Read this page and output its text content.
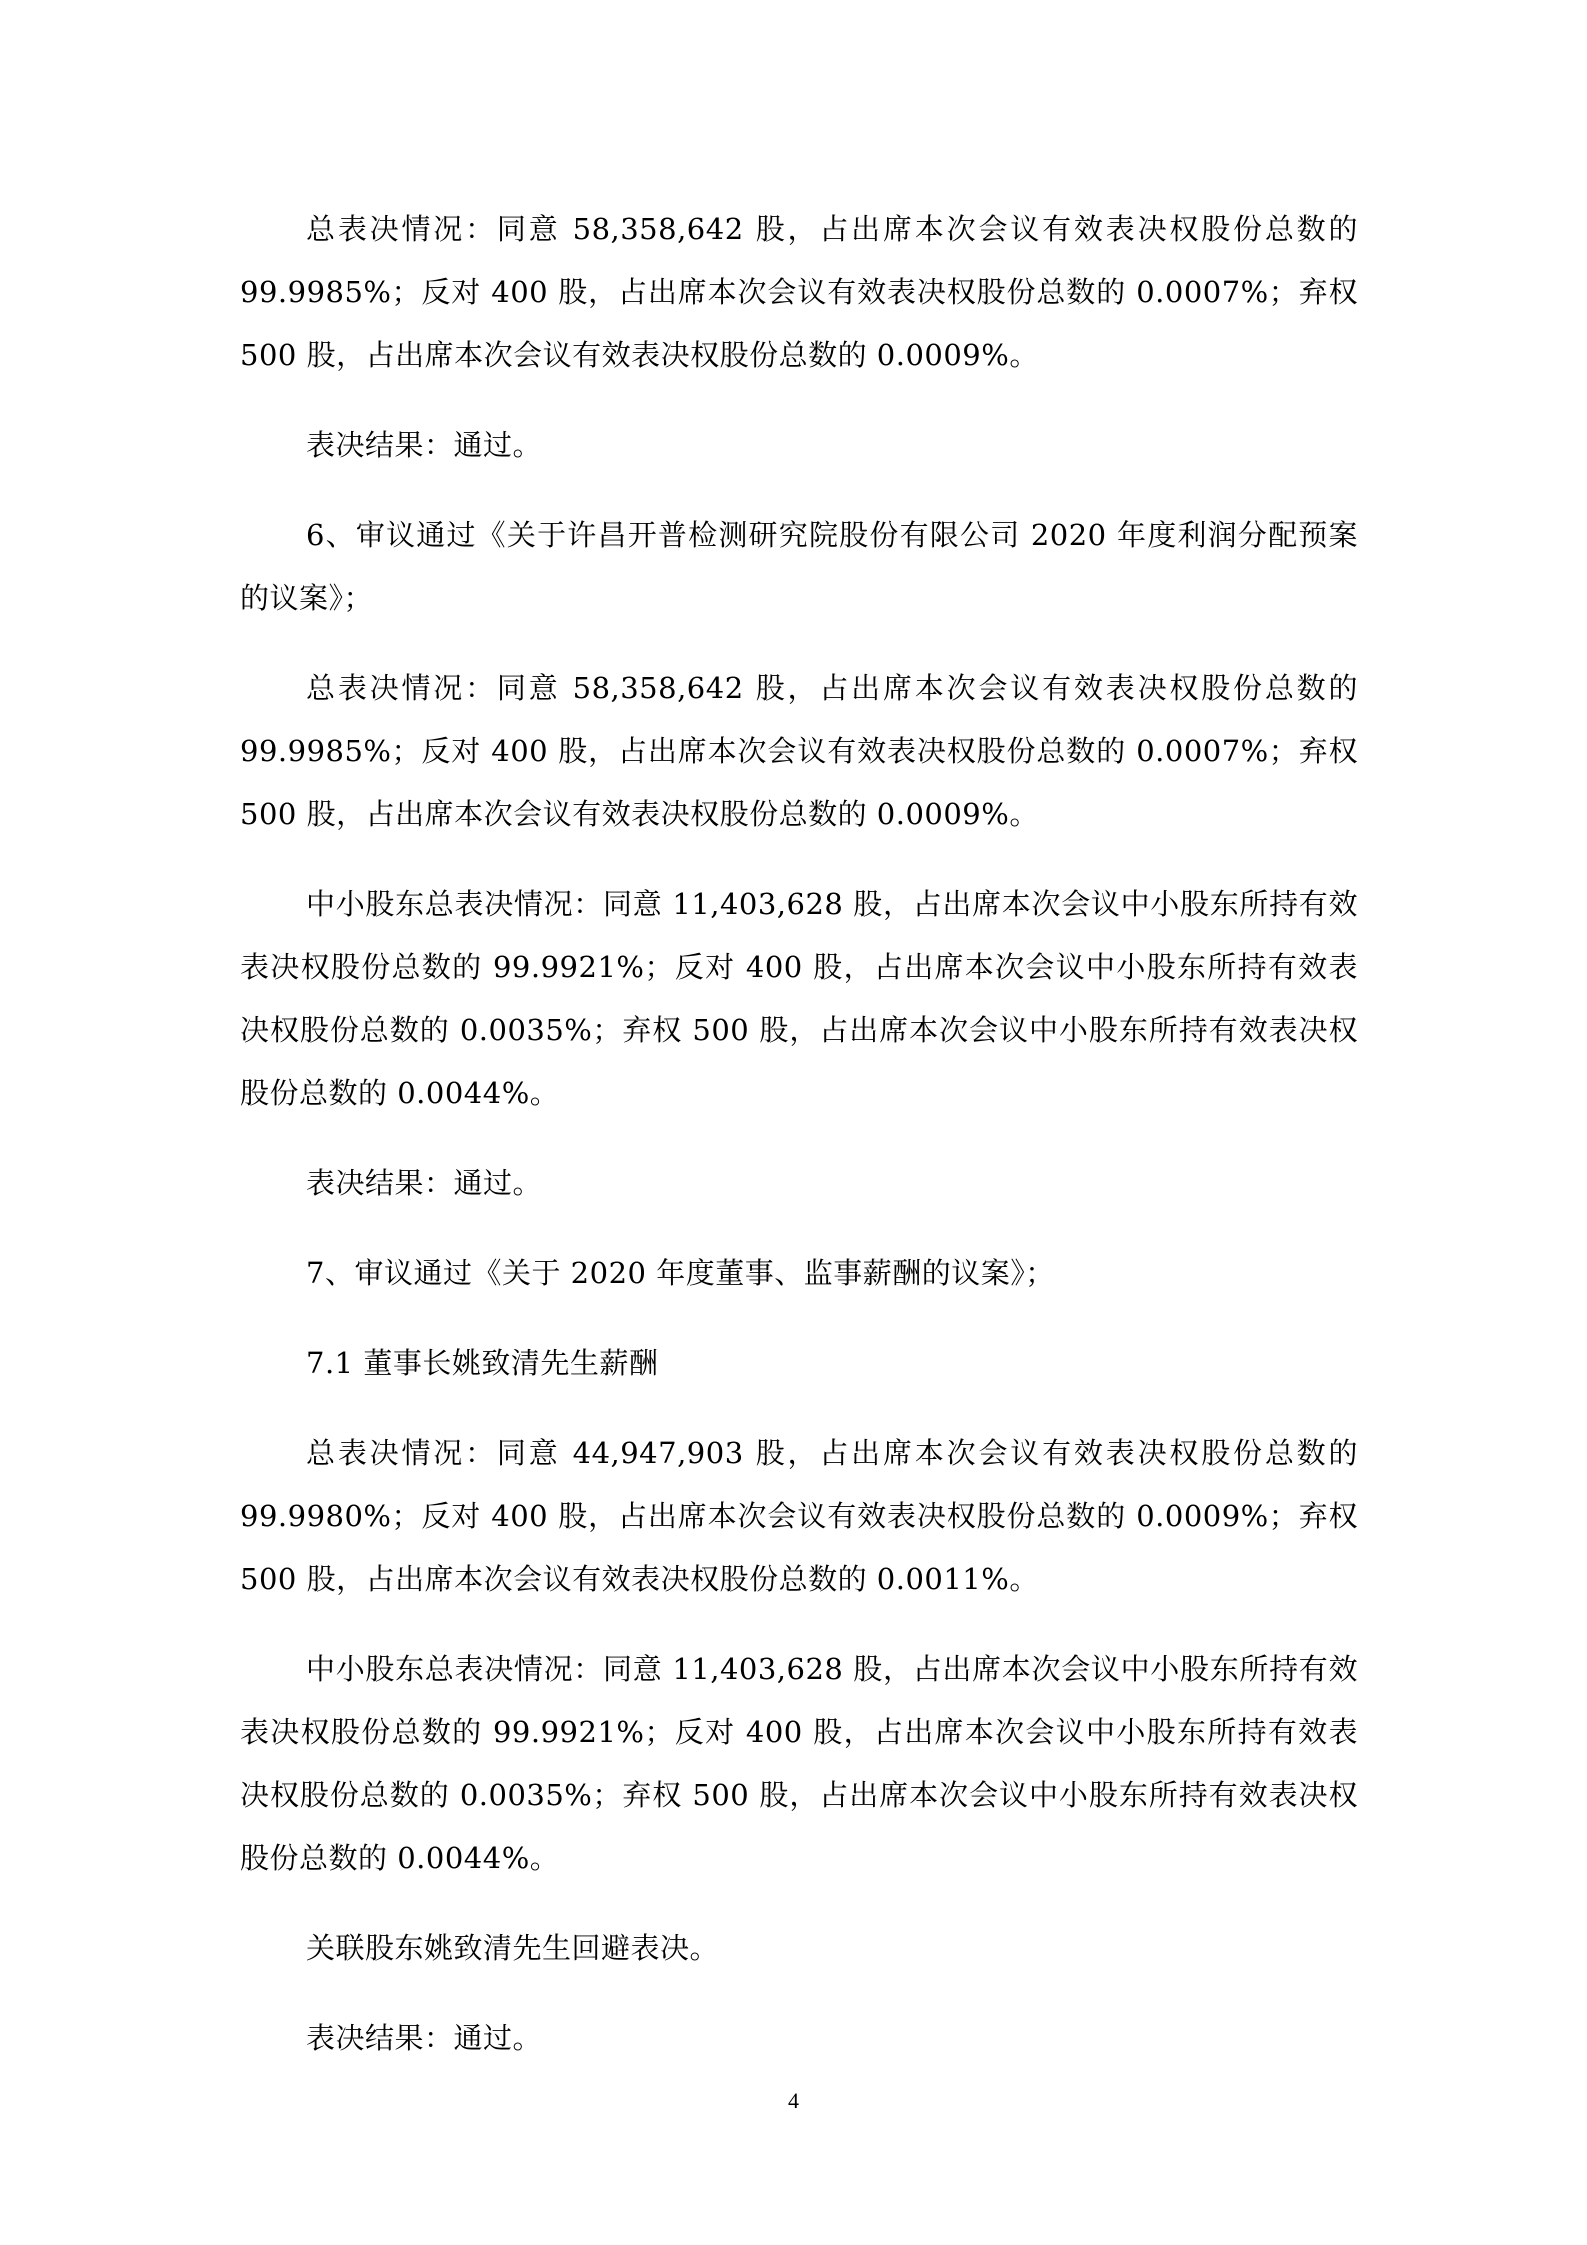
总表决情况：同意 58,358,642 股，占出席本次会议有效表决权股份总数的 99.9985%；反对 400 股，占出席本次会议有效表决权股份总数的 0.0007%；弃权 500 股，占出席本次会议有效表决权股份总数的 0.0009%。

表决结果：通过。

6、审议通过《关于许昌开普检测研究院股份有限公司 2020 年度利润分配预案的议案》；

总表决情况：同意 58,358,642 股，占出席本次会议有效表决权股份总数的 99.9985%；反对 400 股，占出席本次会议有效表决权股份总数的 0.0007%；弃权 500 股，占出席本次会议有效表决权股份总数的 0.0009%。

中小股东总表决情况：同意 11,403,628 股，占出席本次会议中小股东所持有效表决权股份总数的 99.9921%；反对 400 股，占出席本次会议中小股东所持有效表决权股份总数的 0.0035%；弃权 500 股，占出席本次会议中小股东所持有效表决权股份总数的 0.0044%。

表决结果：通过。

7、审议通过《关于 2020 年度董事、监事薪酬的议案》；

7.1 董事长姚致清先生薪酬

总表决情况：同意 44,947,903 股，占出席本次会议有效表决权股份总数的 99.9980%；反对 400 股，占出席本次会议有效表决权股份总数的 0.0009%；弃权 500 股，占出席本次会议有效表决权股份总数的 0.0011%。

中小股东总表决情况：同意 11,403,628 股，占出席本次会议中小股东所持有效表决权股份总数的 99.9921%；反对 400 股，占出席本次会议中小股东所持有效表决权股份总数的 0.0035%；弃权 500 股，占出席本次会议中小股东所持有效表决权股份总数的 0.0044%。

关联股东姚致清先生回避表决。

表决结果：通过。

4
